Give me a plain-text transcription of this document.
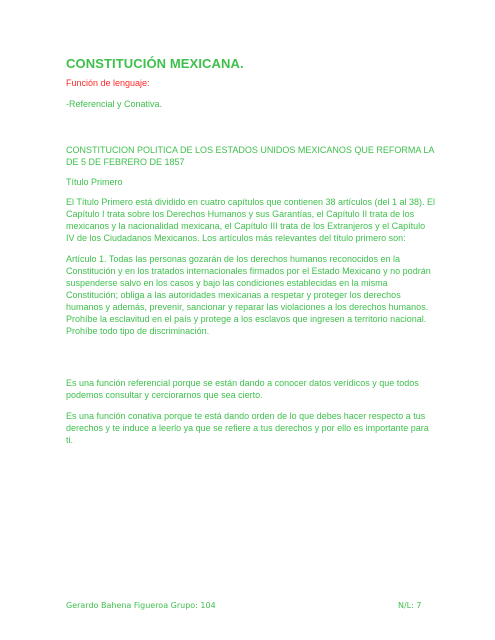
CONSTITUCIÓN MEXICANA.

Función de lenguaje:

-Referencial y Conativa.

CONSTITUCION POLITICA DE LOS ESTADOS UNIDOS MEXICANOS QUE REFORMA LA DE 5 DE FEBRERO DE 1857

Título Primero

El Título Primero está dividido en cuatro capítulos que contienen 38 artículos (del 1 al 38). El Capítulo I trata sobre los Derechos Humanos y sus Garantías, el Capítulo II trata de los mexicanos y la nacionalidad mexicana, el Capítulo III trata de los Extranjeros y el Capítulo IV de los Ciudadanos Mexicanos. Los artículos más relevantes del título primero son:

Artículo 1. Todas las personas gozarán de los derechos humanos reconocidos en la Constitución y en los tratados internacionales firmados por el Estado Mexicano y no podrán suspenderse salvo en los casos y bajo las condiciones establecidas en la misma Constitución; obliga a las autoridades mexicanas a respetar y proteger los derechos humanos y además, prevenir, sancionar y reparar las violaciones a los derechos humanos. Prohíbe la esclavitud en el país y protege a los esclavos que ingresen a territorio nacional. Prohíbe todo tipo de discriminación.

Es una función referencial porque se están dando a conocer datos verídicos y que todos podemos consultar y cerciorarnos que sea cierto.

Es una función conativa porque te está dando orden de lo que debes hacer respecto a tus derechos y te induce a leerlo ya que se refiere a tus derechos y por ello es importante para ti.

Gerardo Bahena Figueroa Grupo: 104	N/L: 7
